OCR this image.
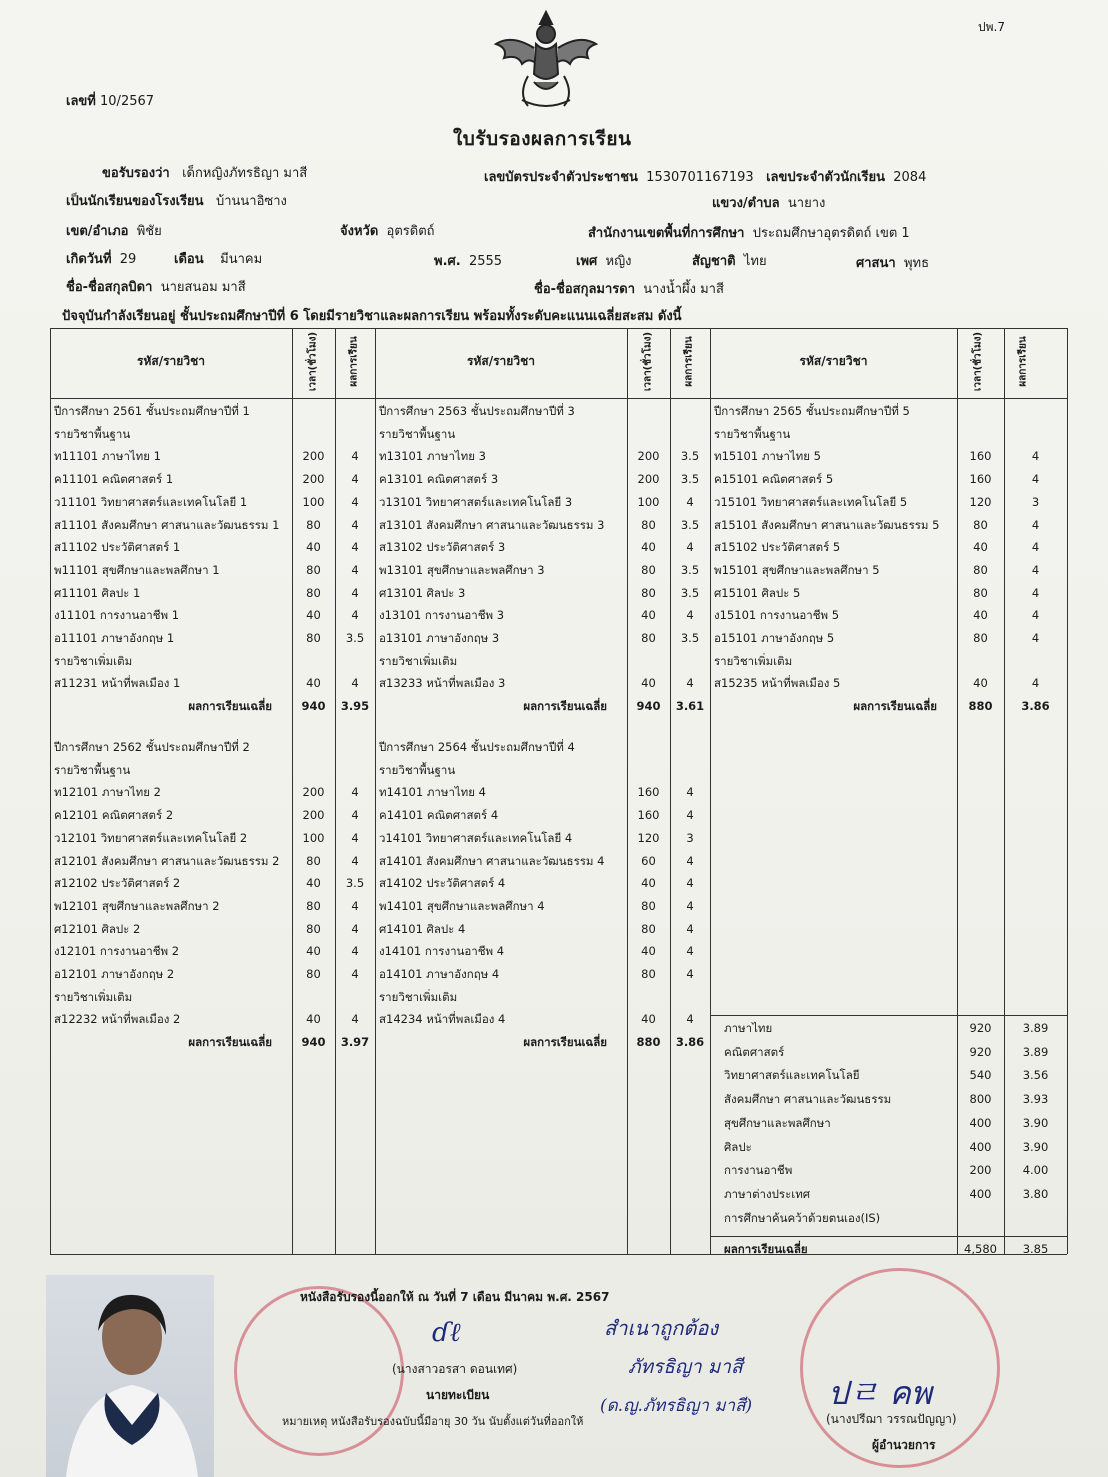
ปพ.7
เลขที่ 10/2567
ใบรับรองผลการเรียน
ขอรับรองว่า เด็กหญิงภัทรธิญา มาสี	เลขบัตรประจำตัวประชาชน 1530701167193 เลขประจำตัวนักเรียน 2084
เป็นนักเรียนของโรงเรียน บ้านนาอิซาง	แขวง/ตำบล นายาง
เขต/อำเภอ พิชัย	จังหวัด อุตรดิตถ์	สำนักงานเขตพื้นที่การศึกษา ประถมศึกษาอุตรดิตถ์ เขต 1
เกิดวันที่ 29	เดือน มีนาคม	พ.ศ. 2555	เพศ หญิง	สัญชาติ ไทย	ศาสนา พุทธ
ชื่อ-ชื่อสกุลบิดา นายสนอม มาสี	ชื่อ-ชื่อสกุลมารดา นางน้ำผึ้ง มาสี
ปัจจุบันกำลังเรียนอยู่ ชั้นประถมศึกษาปีที่ 6 โดยมีรายวิชาและผลการเรียน พร้อมทั้งระดับคะแนนเฉลี่ยสะสม ดังนี้
รหัส/รายวิชา	เวลา(ชั่วโมง)	ผลการเรียน	รหัส/รายวิชา	เวลา(ชั่วโมง)	ผลการเรียน	รหัส/รายวิชา	เวลา(ชั่วโมง)	ผลการเรียน
ปีการศึกษา 2561 ชั้นประถมศึกษาปีที่ 1
รายวิชาพื้นฐาน
ท11101 ภาษาไทย 1	200	4
ค11101 คณิตศาสตร์ 1	200	4
ว11101 วิทยาศาสตร์และเทคโนโลยี 1	100	4
ส11101 สังคมศึกษา ศาสนาและวัฒนธรรม 1	80	4
ส11102 ประวัติศาสตร์ 1	40	4
พ11101 สุขศึกษาและพลศึกษา 1	80	4
ศ11101 ศิลปะ 1	80	4
ง11101 การงานอาชีพ 1	40	4
อ11101 ภาษาอังกฤษ 1	80	3.5
รายวิชาเพิ่มเติม
ส11231 หน้าที่พลเมือง 1	40	4
ผลการเรียนเฉลี่ย	940	3.95
ปีการศึกษา 2563 ชั้นประถมศึกษาปีที่ 3
รายวิชาพื้นฐาน
ท13101 ภาษาไทย 3	200	3.5
ค13101 คณิตศาสตร์ 3	200	3.5
ว13101 วิทยาศาสตร์และเทคโนโลยี 3	100	4
ส13101 สังคมศึกษา ศาสนาและวัฒนธรรม 3	80	3.5
ส13102 ประวัติศาสตร์ 3	40	4
พ13101 สุขศึกษาและพลศึกษา 3	80	3.5
ศ13101 ศิลปะ 3	80	3.5
ง13101 การงานอาชีพ 3	40	4
อ13101 ภาษาอังกฤษ 3	80	3.5
รายวิชาเพิ่มเติม
ส13233 หน้าที่พลเมือง 3	40	4
ผลการเรียนเฉลี่ย	940	3.61
ปีการศึกษา 2565 ชั้นประถมศึกษาปีที่ 5
รายวิชาพื้นฐาน
ท15101 ภาษาไทย 5	160	4
ค15101 คณิตศาสตร์ 5	160	4
ว15101 วิทยาศาสตร์และเทคโนโลยี 5	120	3
ส15101 สังคมศึกษา ศาสนาและวัฒนธรรม 5	80	4
ส15102 ประวัติศาสตร์ 5	40	4
พ15101 สุขศึกษาและพลศึกษา 5	80	4
ศ15101 ศิลปะ 5	80	4
ง15101 การงานอาชีพ 5	40	4
อ15101 ภาษาอังกฤษ 5	80	4
รายวิชาเพิ่มเติม
ส15235 หน้าที่พลเมือง 5	40	4
ผลการเรียนเฉลี่ย	880	3.86
ปีการศึกษา 2562 ชั้นประถมศึกษาปีที่ 2
รายวิชาพื้นฐาน
ท12101 ภาษาไทย 2	200	4
ค12101 คณิตศาสตร์ 2	200	4
ว12101 วิทยาศาสตร์และเทคโนโลยี 2	100	4
ส12101 สังคมศึกษา ศาสนาและวัฒนธรรม 2	80	4
ส12102 ประวัติศาสตร์ 2	40	3.5
พ12101 สุขศึกษาและพลศึกษา 2	80	4
ศ12101 ศิลปะ 2	80	4
ง12101 การงานอาชีพ 2	40	4
อ12101 ภาษาอังกฤษ 2	80	4
รายวิชาเพิ่มเติม
ส12232 หน้าที่พลเมือง 2	40	4
ผลการเรียนเฉลี่ย	940	3.97
ปีการศึกษา 2564 ชั้นประถมศึกษาปีที่ 4
รายวิชาพื้นฐาน
ท14101 ภาษาไทย 4	160	4
ค14101 คณิตศาสตร์ 4	160	4
ว14101 วิทยาศาสตร์และเทคโนโลยี 4	120	3
ส14101 สังคมศึกษา ศาสนาและวัฒนธรรม 4	60	4
ส14102 ประวัติศาสตร์ 4	40	4
พ14101 สุขศึกษาและพลศึกษา 4	80	4
ศ14101 ศิลปะ 4	80	4
ง14101 การงานอาชีพ 4	40	4
อ14101 ภาษาอังกฤษ 4	80	4
รายวิชาเพิ่มเติม
ส14234 หน้าที่พลเมือง 4	40	4
ผลการเรียนเฉลี่ย	880	3.86
ภาษาไทย	920	3.89
คณิตศาสตร์	920	3.89
วิทยาศาสตร์และเทคโนโลยี	540	3.56
สังคมศึกษา ศาสนาและวัฒนธรรม	800	3.93
สุขศึกษาและพลศึกษา	400	3.90
ศิลปะ	400	3.90
การงานอาชีพ	200	4.00
ภาษาต่างประเทศ	400	3.80
การศึกษาค้นคว้าด้วยตนเอง(IS)
ผลการเรียนเฉลี่ย	4,580	3.85
หนังสือรับรองนี้ออกให้ ณ วันที่ 7 เดือน มีนาคม พ.ศ. 2567
ɗℓ
(นางสาวอรสา ดอนเทศ)
นายทะเบียน
สำเนาถูกต้อง
ภัทรธิญา มาสี
(ด.ญ.ภัทรธิญา มาสี) ปㄹ คพ
(นางปรีฌา วรรณปัญญา)
ผู้อำนวยการ
หมายเหตุ หนังสือรับรองฉบับนี้มีอายุ 30 วัน นับตั้งแต่วันที่ออกให้
